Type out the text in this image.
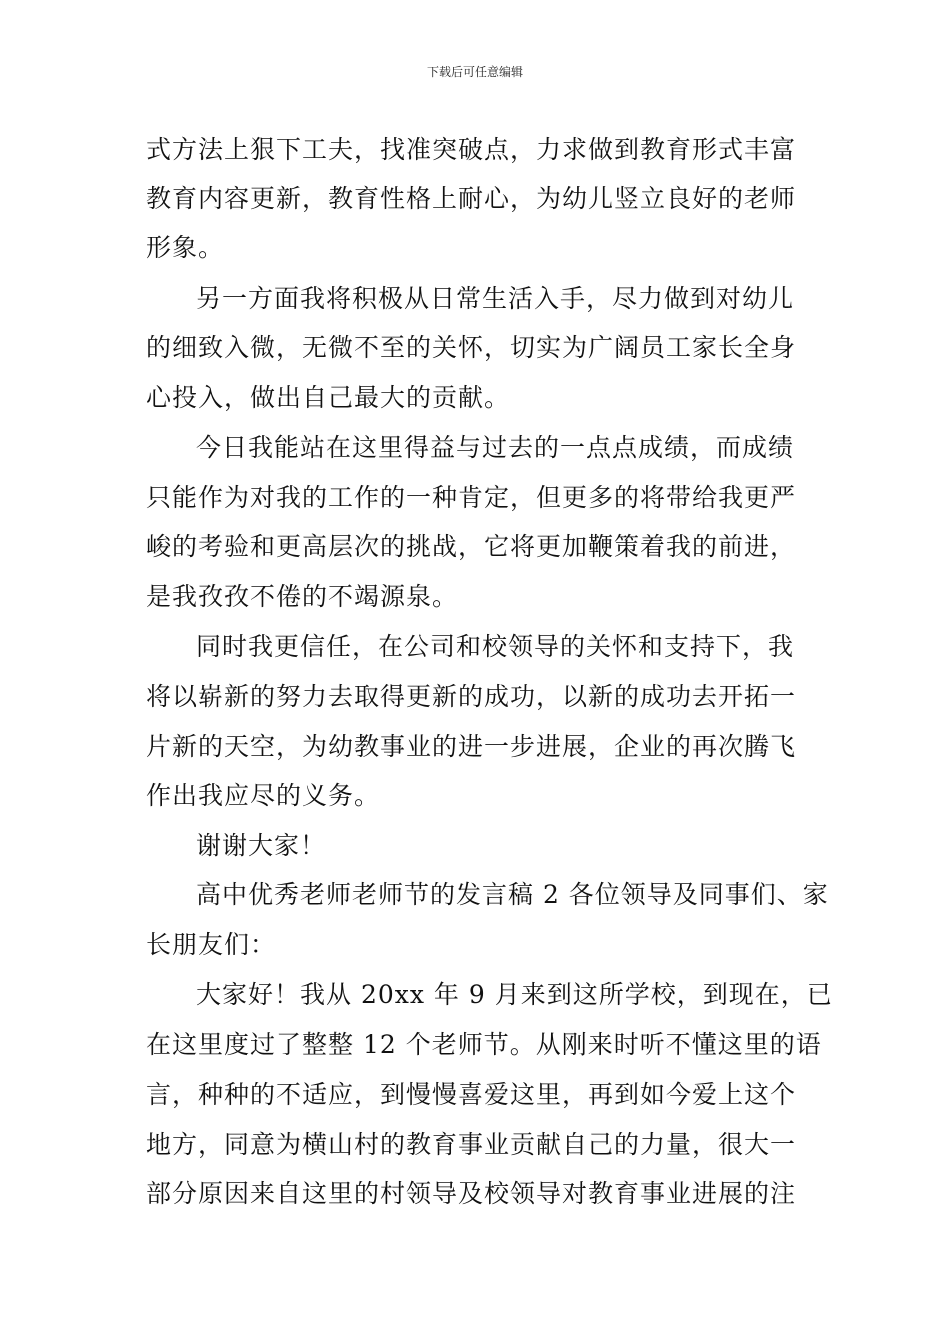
下载后可任意编辑
式方法上狠下工夫，找准突破点，力求做到教育形式丰富
教育内容更新，教育性格上耐心，为幼儿竖立良好的老师
形象。
另一方面我将积极从日常生活入手，尽力做到对幼儿
的细致入微，无微不至的关怀，切实为广阔员工家长全身
心投入，做出自己最大的贡献。
今日我能站在这里得益与过去的一点点成绩，而成绩
只能作为对我的工作的一种肯定，但更多的将带给我更严
峻的考验和更高层次的挑战，它将更加鞭策着我的前进，
是我孜孜不倦的不竭源泉。
同时我更信任，在公司和校领导的关怀和支持下，我
将以崭新的努力去取得更新的成功，以新的成功去开拓一
片新的天空，为幼教事业的进一步进展，企业的再次腾飞
作出我应尽的义务。
谢谢大家！
高中优秀老师老师节的发言稿 2 各位领导及同事们、家
长朋友们：
大家好！我从 20xx 年 9 月来到这所学校，到现在，已
在这里度过了整整 12 个老师节。从刚来时听不懂这里的语
言，种种的不适应，到慢慢喜爱这里，再到如今爱上这个
地方，同意为横山村的教育事业贡献自己的力量，很大一
部分原因来自这里的村领导及校领导对教育事业进展的注
